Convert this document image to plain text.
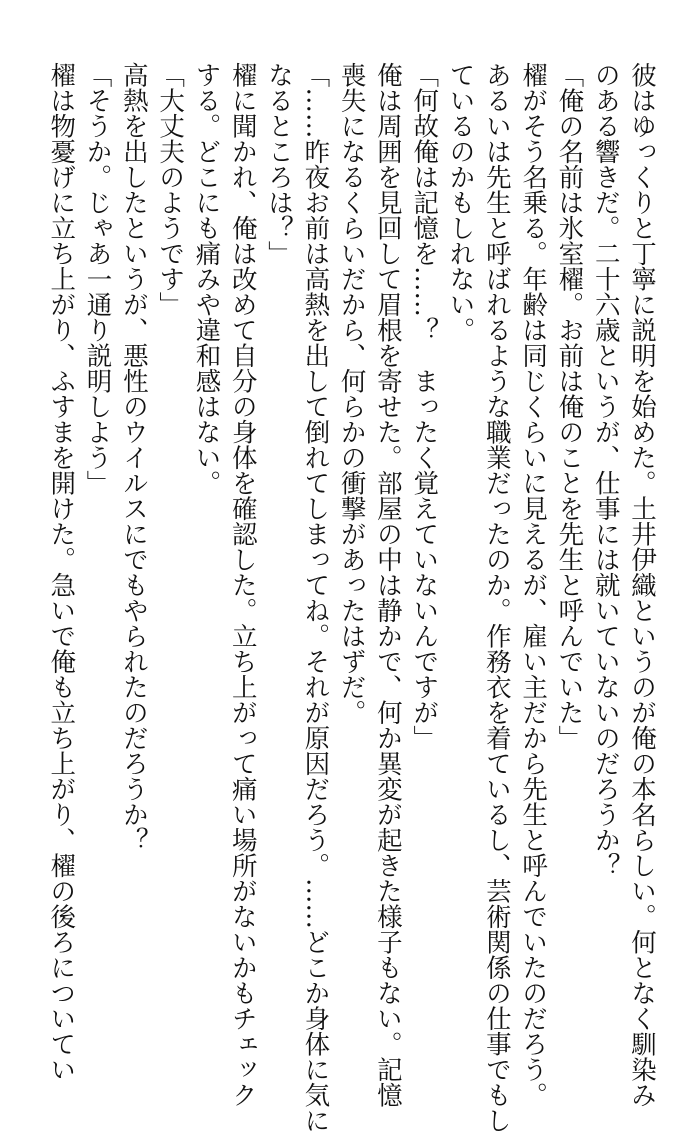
彼はゆっくりと丁寧に説明を始めた。土井伊織というのが俺の本名らしい。何となく馴染み
のある響きだ。二十六歳というが、仕事には就いていないのだろうか？
「俺の名前は氷室櫂。お前は俺のことを先生と呼んでいた」
櫂がそう名乗る。年齢は同じくらいに見えるが、雇い主だから先生と呼んでいたのだろう。
あるいは先生と呼ばれるような職業だったのか。作務衣を着ているし、芸術関係の仕事でもし
ているのかもしれない。
「何故俺は記憶を……？　まったく覚えていないんですが」
俺は周囲を見回して眉根を寄せた。部屋の中は静かで、何か異変が起きた様子もない。記憶
喪失になるくらいだから、何らかの衝撃があったはずだ。
「……昨夜お前は高熱を出して倒れてしまってね。それが原因だろう。……どこか身体に気に
なるところは？」
櫂に聞かれ、俺は改めて自分の身体を確認した。立ち上がって痛い場所がないかもチェック
する。どこにも痛みや違和感はない。
「大丈夫のようです」
高熱を出したというが、悪性のウイルスにでもやられたのだろうか？
「そうか。じゃあ一通り説明しよう」
櫂は物憂げに立ち上がり、ふすまを開けた。急いで俺も立ち上がり、櫂の後ろについてい
